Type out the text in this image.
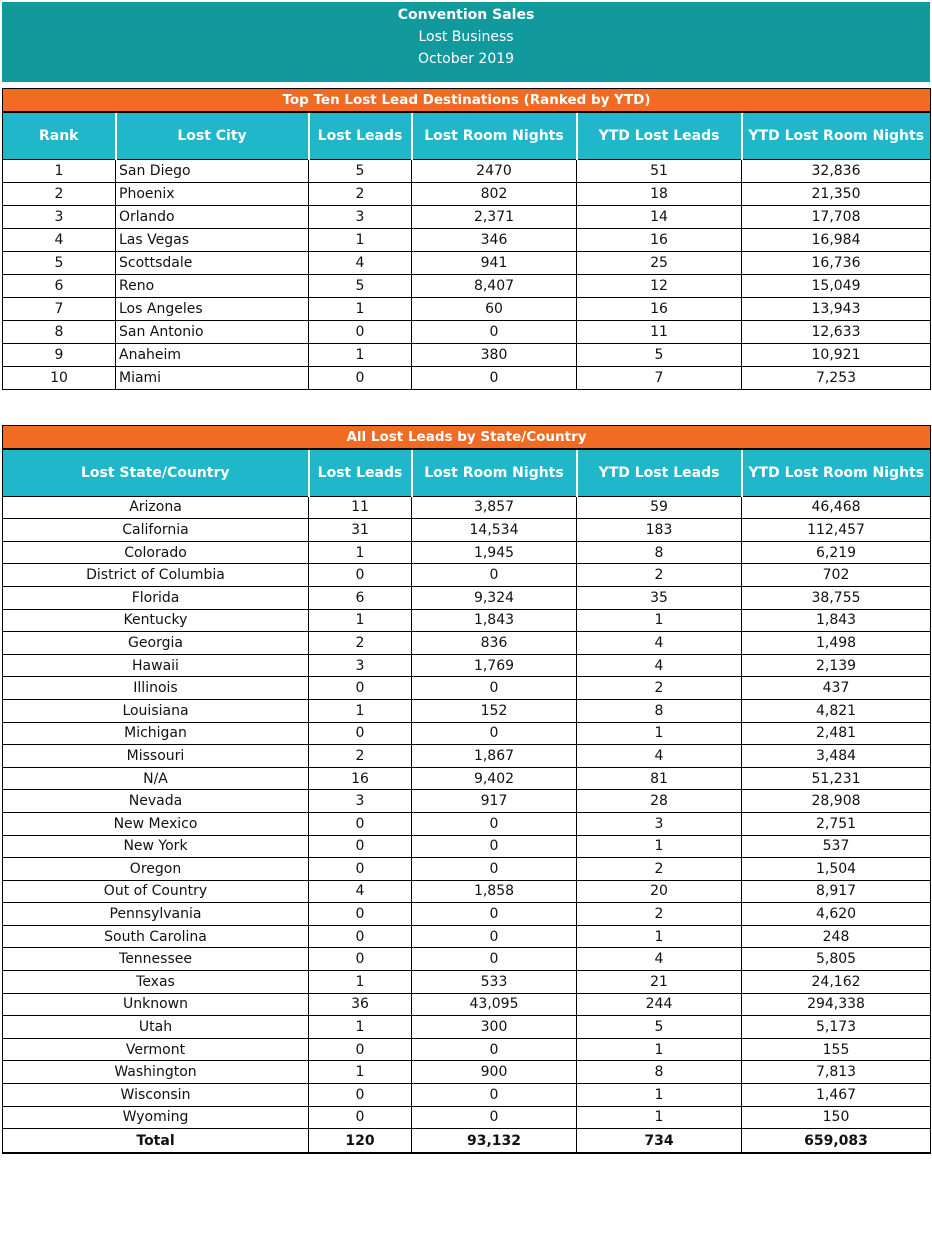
Convention Sales
Lost Business
October 2019
Top Ten Lost Lead Destinations (Ranked by YTD)					
Rank	Lost City	Lost Leads	Lost Room Nights	YTD Lost Leads	YTD Lost Room Nights
1	San Diego	5	2470	51	32,836
2	Phoenix	2	802	18	21,350
3	Orlando	3	2,371	14	17,708
4	Las Vegas	1	346	16	16,984
5	Scottsdale	4	941	25	16,736
6	Reno	5	8,407	12	15,049
7	Los Angeles	1	60	16	13,943
8	San Antonio	0	0	11	12,633
9	Anaheim	1	380	5	10,921
10	Miami	0	0	7	7,253
All Lost Leads by State/Country				
Lost State/Country	Lost Leads	Lost Room Nights	YTD Lost Leads	YTD Lost Room Nights
Arizona	11	3,857	59	46,468
California	31	14,534	183	112,457
Colorado	1	1,945	8	6,219
District of Columbia	0	0	2	702
Florida	6	9,324	35	38,755
Kentucky	1	1,843	1	1,843
Georgia	2	836	4	1,498
Hawaii	3	1,769	4	2,139
Illinois	0	0	2	437
Louisiana	1	152	8	4,821
Michigan	0	0	1	2,481
Missouri	2	1,867	4	3,484
N/A	16	9,402	81	51,231
Nevada	3	917	28	28,908
New Mexico	0	0	3	2,751
New York	0	0	1	537
Oregon	0	0	2	1,504
Out of Country	4	1,858	20	8,917
Pennsylvania	0	0	2	4,620
South Carolina	0	0	1	248
Tennessee	0	0	4	5,805
Texas	1	533	21	24,162
Unknown	36	43,095	244	294,338
Utah	1	300	5	5,173
Vermont	0	0	1	155
Washington	1	900	8	7,813
Wisconsin	0	0	1	1,467
Wyoming	0	0	1	150
Total	120	93,132	734	659,083
